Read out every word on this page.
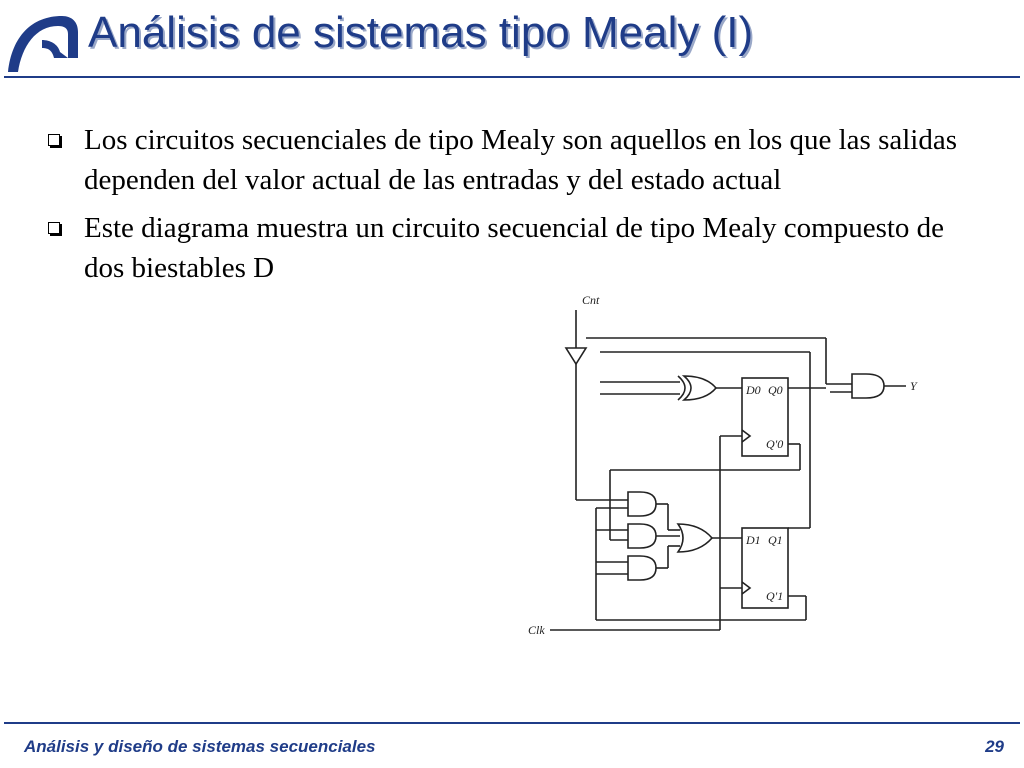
Análisis de sistemas tipo Mealy (I)
Los circuitos secuenciales de tipo Mealy son aquellos en los que las salidas dependen del valor actual de las entradas y del estado actual
Este diagrama muestra un circuito secuencial de tipo Mealy compuesto de dos biestables D
Cnt
Clk
Y
D0 Q0
Q'0
D1 Q1
Q'1
Análisis y diseño de sistemas secuenciales	29
